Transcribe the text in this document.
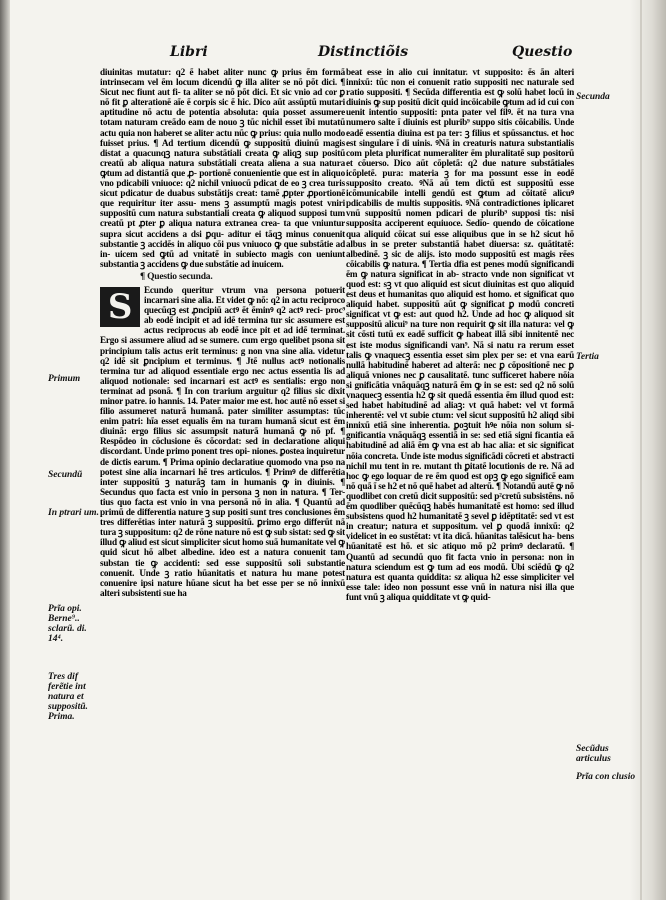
Libri	Distinctiõis	Questio

diuinitas mutatur: q2 ẽ habet aliter nunc ꝙ prius ẽm formã intrinsecam vel ẽm locum dicendũ ꝙ illa aliter se nõ põt dici. ¶ Sicut nec fiunt aut fi- ta aliter se nõ põt dici. Et sic vnio ad cor ꝑ nõ fit ꝑ alterationẽ aĩe ẽ corpis sic ẽ hic. Dico aũt assũptũ mutari aptitudine nõ actu de potentia absoluta: quia posset assumere totam naturam creãdo eam de nouo ꝫ tũc nichil esset ĩbi mutatũ actu quia non haberet se aliter actu nũc ꝙ prius: quia nullo modo fuisset prius. ¶ Ad tertium dicendũ ꝙ suppositũ diuinũ magis distat a quacunqꝫ natura substãtiali creata ꝙ aliqꝫ sup positũ creatũ ab aliqua natura substãtiali creata aliena a sua natura ꝙtum ad distantiã que ꝓ- portionẽ conuenientie que est in aliquo vno pdicabili vniuoce: q2 nichil vniuocũ pdicat de eo ꝫ crea turis sicut pdicatur de duabus substãtijs creat: tamẽ ꝓpter ꝓportionẽ que requiritur iter assu- mens ꝫ assumptũ magis potest vniri suppositũ cum natura substantiali creata ꝙ aliquod supposi tum creatũ pt ꝓter ꝑ aliqua natura extranea crea- ta que vniuntur supra sicut accidens a dsi ꝑqu- aditur ei tãqꝫ minus conuenit substantie ꝫ accidẽs in aliquo cõi pus vniuoco ꝙ que substãtie ad in- uicem sed ꝙtũ ad vnitatẽ in subiecto magis con ueniunt substantia ꝫ accidens ꝙ due substãtie ad inuicem.

¶ Questio secunda.

S	Ecundo queritur vtrum vna persona potuerit incarnari sine alia. Et videt ꝙ nõ: q2 in actu reciproco quecũqꝫ est ꝓncipiũ actꝰ ẽt ẽminꝰ q2 actꝰ reci- proc⁹ ab eodẽ incipit et ad idẽ termina tur sic assumere est actus reciprocus ab eodẽ ince pit et ad idẽ terminat. Ergo si assumere aliud ad se sumere. cum ergo quelibet psona sit principium talis actus erit terminus: g non vna sine alia. videtur q2 idẽ sit ꝑncipium et terminus. ¶ Jtẽ nullus actꝰ notionalis termina tur ad aliquod essentiale ergo nec actus essentia lis ad aliquod notionale: sed incarnari est actꝰ es sentialis: ergo non terminat ad psonã. ¶ In con trarium arguitur q2 filius sic dixit minor patre. io hannis. 14. Pater maior me est. hoc autẽ nõ esset si filio assumeret naturã humanã. pater similiter assumptas: tũc enim patri: hĩa esset equalis ẽm na turam humanã sicut est ẽm diuinã: ergo filius sic assumpsit naturã humanã ꝙ nõ pf. ¶ Respõdeo in cõclusione ẽs cõcordat: sed in declaratione aliqui discordant. Unde primo ponent tres opi- niones. ꝑostea inquiretur de dictis earum. ¶ Prima opinio declaratiue quomodo vna pso na potest sine alia incarnari hẽ tres articulos. ¶ Primꝰ de differẽtia inter suppositũ ꝫ naturãꝫ tam in humanis ꝙ in diuinis. ¶ Secundus quo facta est vnio in persona ꝫ non in natura. ¶ Ter- tius quo facta est vnio in vna personã nõ in alia. ¶ Quantũ ad primũ de differentia nature ꝫ sup positi sunt tres conclusiones ẽm tres differẽtias inter naturã ꝫ suppositũ. ꝑrimo ergo differũt nã tura ꝫ suppositum: q2 de rõne nature nõ est ꝙ sub sistat: sed ꝙ sit illud ꝙ aliud est sicut simpliciter sicut homo suã humanitate vel ꝙ quid sicut hõ albet albedine. ideo est a natura conuenit tam substan tie ꝙ accidenti: sed esse suppositũ soli substantie conuenit. Unde ꝫ ratio hũanitatis et natura hu mane potest conuenire ipsi nature hũane sicut ha bet esse per se nõ innixũ alteri subsistenti sue ha

beat esse in alio cui innitatur. vt supposito: ẽs ãn alteri innixũ: tũc non ei conuenit ratio suppositi nec naturale sed ratio suppositi. ¶ Secũda differentia est ꝙ solũ habet locũ in diuinis ꝙ sup positũ dicit quid incõicabile ꝙtum ad id cui con uenit intentio suppositi: pnta pater vel filꝰ. ẽt na tura vna numero salte ĩ diuinis est plurib⁹ suppo sitis cõicabilis. Unde eadẽ essentia diuina est pa ter: ꝫ filius et spũssanctus. et hoc est singulare ĩ di uinis. ꝰNã in creaturis natura substantialis com pleta plurificat numeraliter ẽm pluralitatẽ sup positorũ et cõuerso. Dico aũt cõpletã: q2 due nature substãtiales icõpletẽ. pura: materia ꝫ for ma possunt esse in eodẽ supposito creato. ꝰNã aũ tem dictũ est suppositũ esse icõmunicabile intelli gendũ est ꝙtum ad cõitatẽ alicuꝰ pdicabilis de multis suppositis. ꝰNã contradictiones iplicaret vnũ suppositũ nomen pdicari de plurib⁹ supposi tis: nisi supposita acciperent equiuoce. Sedĩo- quendo de cõicatione qua aliquid cõicat sui esse aliquibus que in se h2 sicut hõ albus in se preter substantiã habet diuersa: sz. quãtitatẽ: albedinẽ. ꝫ sic de alijs. isto modo suppositũ est magis rẽes cõicabilis ꝙ natura. ¶ Tertia dfia est penes modũ significandi ẽm ꝙ natura significat in ab- stracto vnde non significat vt quod est: sꝫ vt quo aliquid est sicut diuinitas est quo aliquid est deus et humanitas quo aliquid est homo. et significat quo aliquid habet. suppositũ aũt ꝙ significat ꝑ modũ concreti significat vt ꝙ est: aut quod h2. Unde ad hoc ꝙ aliquod sit suppositũ alicui⁹ na ture non requirit ꝙ sit illa natura: vel ꝙ sit cõsti tutũ ex eadẽ sufficit ꝙ habeat illã sibi innitentẽ nec est iste modus significandi van⁹. Nã si natu ra rerum esset talis ꝙ vnaquecꝫ essentia esset sim plex per se: et vna earũ nullã habitudinẽ haberet ad alterã: nec ꝑ cõpositionẽ nec ꝑ aliquã vniones nec ꝑ causalitatẽ. tunc sufficeret habere nõia si gnificãtia vnãquãqꝫ naturã ẽm ꝙ in se est: sed q2 nõ solũ vnaquecꝫ essentia h2 ꝙ sit quedã essentia ẽm illud quod est: sed habet habitudinẽ ad aliaꝫ: vt quã habet: vel vt formã inherentẽ: vel vt subie ctum: vel sicut suppositũ h2 aliqd sibi innixũ etiã sine inherentia. ꝑoꝫtuit hꝰe nõia non solum si- gnificantia vnãquãqꝫ essentiã in se: sed etiã signi ficantia eã habitudinẽ ad aliã ẽm ꝙ vna est ab hac alia: et sic significat nõia concreta. Unde iste modus significãdi cõcreti et abstracti nichil mu tent in re. mutant th ꝑitatẽ locutionis de re. Nã ad hoc ꝙ ego loquar de re ẽm quod est opꝫ ꝙ ego significẽ eam nõ quã ĩ se h2 et nõ quẽ habet ad alterũ. ¶ Notandũ autẽ ꝙ nõ quodlibet con cretũ dicit suppositũ: sed p²cretũ subsistẽns. nõ ẽm quodliber quẽcũqꝫ habẽs humanitatẽ est homo: sed illud subsistens quod h2 humanitatẽ ꝫ sevel ꝑ idẽptitatẽ: sed vt est in creatur; natura et suppositum. vel ꝑ quodã innixũ: q2 videlicet in eo sustẽtat: vt ita dicã. hũanitas talẽsicut ha- bens hũanitatẽ est hõ. et sic atiquo mõ p2 primꝰ declaratũ. ¶ Quantũ ad secundũ quo fit facta vnio in persona: non in natura sciendum est ꝙ tum ad eos modũ. Ubi sciẽdũ ꝙ q2 natura est quanta quiddita: sz aliqua h2 esse simpliciter vel esse tale: ideo non possunt esse vnũ in natura nisi illa que funt vnũ ꝫ aliqua quidditate vt ꝙ quid-

Primum
Secundũ
In ptrari um.
Prĩa opi. Berne⁹.. sclarũ. di. 14⁴.
Tres dif ferẽtie int natura et suppositũ. Prima.
Secunda
Tertia
Secũdus articulus
Prĩa con clusio
